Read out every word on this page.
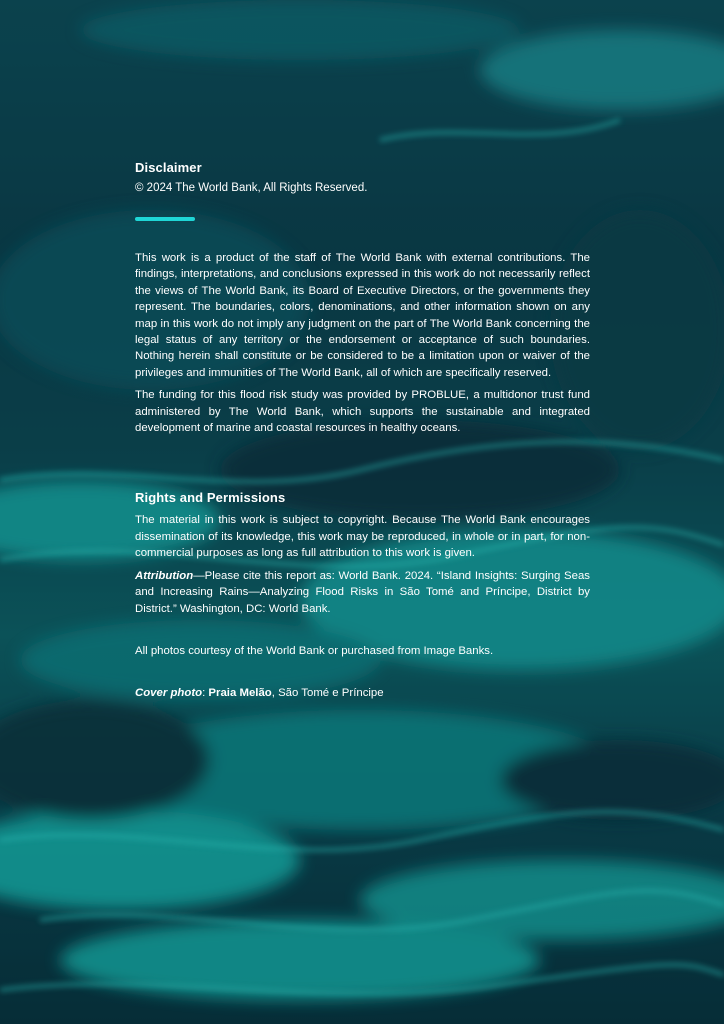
Disclaimer

© 2024 The World Bank, All Rights Reserved.

This work is a product of the staff of The World Bank with external contributions. The findings, interpretations, and conclusions expressed in this work do not necessarily reflect the views of The World Bank, its Board of Executive Directors, or the governments they represent. The boundaries, colors, denominations, and other information shown on any map in this work do not imply any judgment on the part of The World Bank concerning the legal status of any territory or the endorsement or acceptance of such boundaries. Nothing herein shall constitute or be considered to be a limitation upon or waiver of the privileges and immunities of The World Bank, all of which are specifically reserved.

The funding for this flood risk study was provided by PROBLUE, a multidonor trust fund administered by The World Bank, which supports the sustainable and integrated development of marine and coastal resources in healthy oceans.

Rights and Permissions

The material in this work is subject to copyright. Because The World Bank encourages dissemination of its knowledge, this work may be reproduced, in whole or in part, for non-commercial purposes as long as full attribution to this work is given.

Attribution—Please cite this report as: World Bank. 2024. “Island Insights: Surging Seas and Increasing Rains—Analyzing Flood Risks in São Tomé and Príncipe, District by District.” Washington, DC: World Bank.

All photos courtesy of the World Bank or purchased from Image Banks.
Cover photo: Praia Melão, São Tomé e Príncipe
